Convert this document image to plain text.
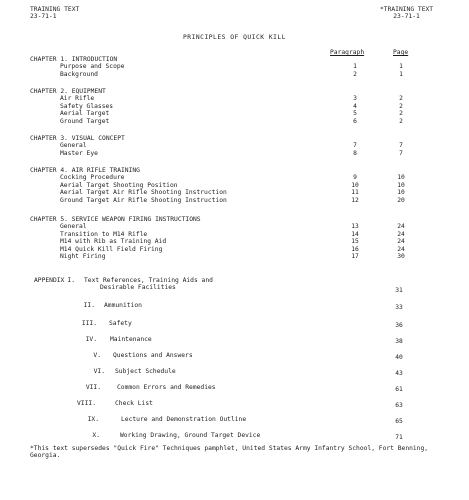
TRAINING TEXT
23-71-1
*TRAINING TEXT
23-71-1
PRINCIPLES OF QUICK KILL
Paragraph	Page
CHAPTER 1. INTRODUCTION
Purpose and Scope	1	1
Background	2	1
CHAPTER 2. EQUIPMENT
Air Rifle	3	2
Safety Glasses	4	2
Aerial Target	5	2
Ground Target	6	2
CHAPTER 3. VISUAL CONCEPT
General	7	7
Master Eye	8	7
CHAPTER 4. AIR RIFLE TRAINING
Cocking Procedure	9	10
Aerial Target Shooting Position	10	10
Aerial Target Air Rifle Shooting Instruction	11	10
Ground Target Air Rifle Shooting Instruction	12	20
CHAPTER 5. SERVICE WEAPON FIRING INSTRUCTIONS
General	13	24
Transition to M14 Rifle	14	24
M14 with Rib as Training Aid	15	24
M14 Quick Kill Field Firing	16	24
Night Firing	17	30
APPENDIX I. Text References, Training Aids and
Desirable Facilities	31
II. Ammunition	33
III. Safety	36
IV. Maintenance	38
V. Questions and Answers	40
VI. Subject Schedule	43
VII.	Common Errors and Remedies	61
VIII.	Check List	63
IX.	Lecture and Demonstration Outline	65
X.	Working Drawing, Ground Target Device	71
*This text supersedes "Quick Fire" Techniques pamphlet, United States Army Infantry School, Fort Benning, Georgia.
